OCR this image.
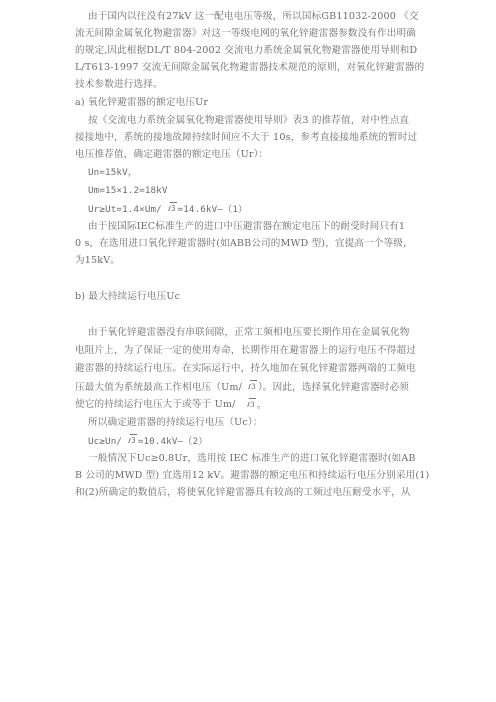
Ur≥Ut=1.4×Um/ 3 =14.6kV—（1）
压最大值为系统最高工作相电压（Um/ 3 ）。因此，选择氧化锌避雷器时必须
3 。
Uc≥Un/ 3 =10.4kV—（2）
由于国内以往没有27kV 这一配电电压等级，所以国标GB11032-2000 《交
流无间隙金属氧化物避雷器》对这一等级电网的氧化锌避雷器参数没有作出明确
的规定,因此根据DL/T 804-2002 交流电力系统金属氧化物避雷器使用导则和D
L/T613-1997 交流无间隙金属氧化物避雷器技术规范的原则，对氧化锌避雷器的
技术参数进行选择。
a) 氧化锌避雷器的额定电压Ur
按《交流电力系统金属氧化物避雷器使用导则》表3 的推荐值，对中性点直
接接地中，系统的接地故障持续时间应不大于 10s，参考直接接地系统的暂时过
电压推荐值，确定避雷器的额定电压（Ur）：
Un=15kV，
Um=15×1.2=18kV
由于按国际IEC标准生产的进口中压避雷器在额定电压下的耐受时间只有1
0 s，在选用进口氧化锌避雷器时(如ABB公司的MWD 型)，宜提高一个等级，
为15kV。
b) 最大持续运行电压Uc
由于氧化锌避雷器没有串联间隙，正常工频相电压要长期作用在金属氧化物
电阻片上，为了保证一定的使用寿命，长期作用在避雷器上的运行电压不得超过
避雷器的持续运行电压。在实际运行中，持久地加在氧化锌避雷器两端的工频电
使它的持续运行电压大于或等于 Um/
所以确定避雷器的持续运行电压（Uc）：
一般情况下Uc≥0.8Ur，选用按 IEC 标准生产的进口氧化锌避雷器时(如AB
B 公司的MWD 型) 宜选用12 kV。避雷器的额定电压和持续运行电压分别采用(1)
和(2)所确定的数值后，将使氧化锌避雷器具有较高的工频过电压耐受水平，从
